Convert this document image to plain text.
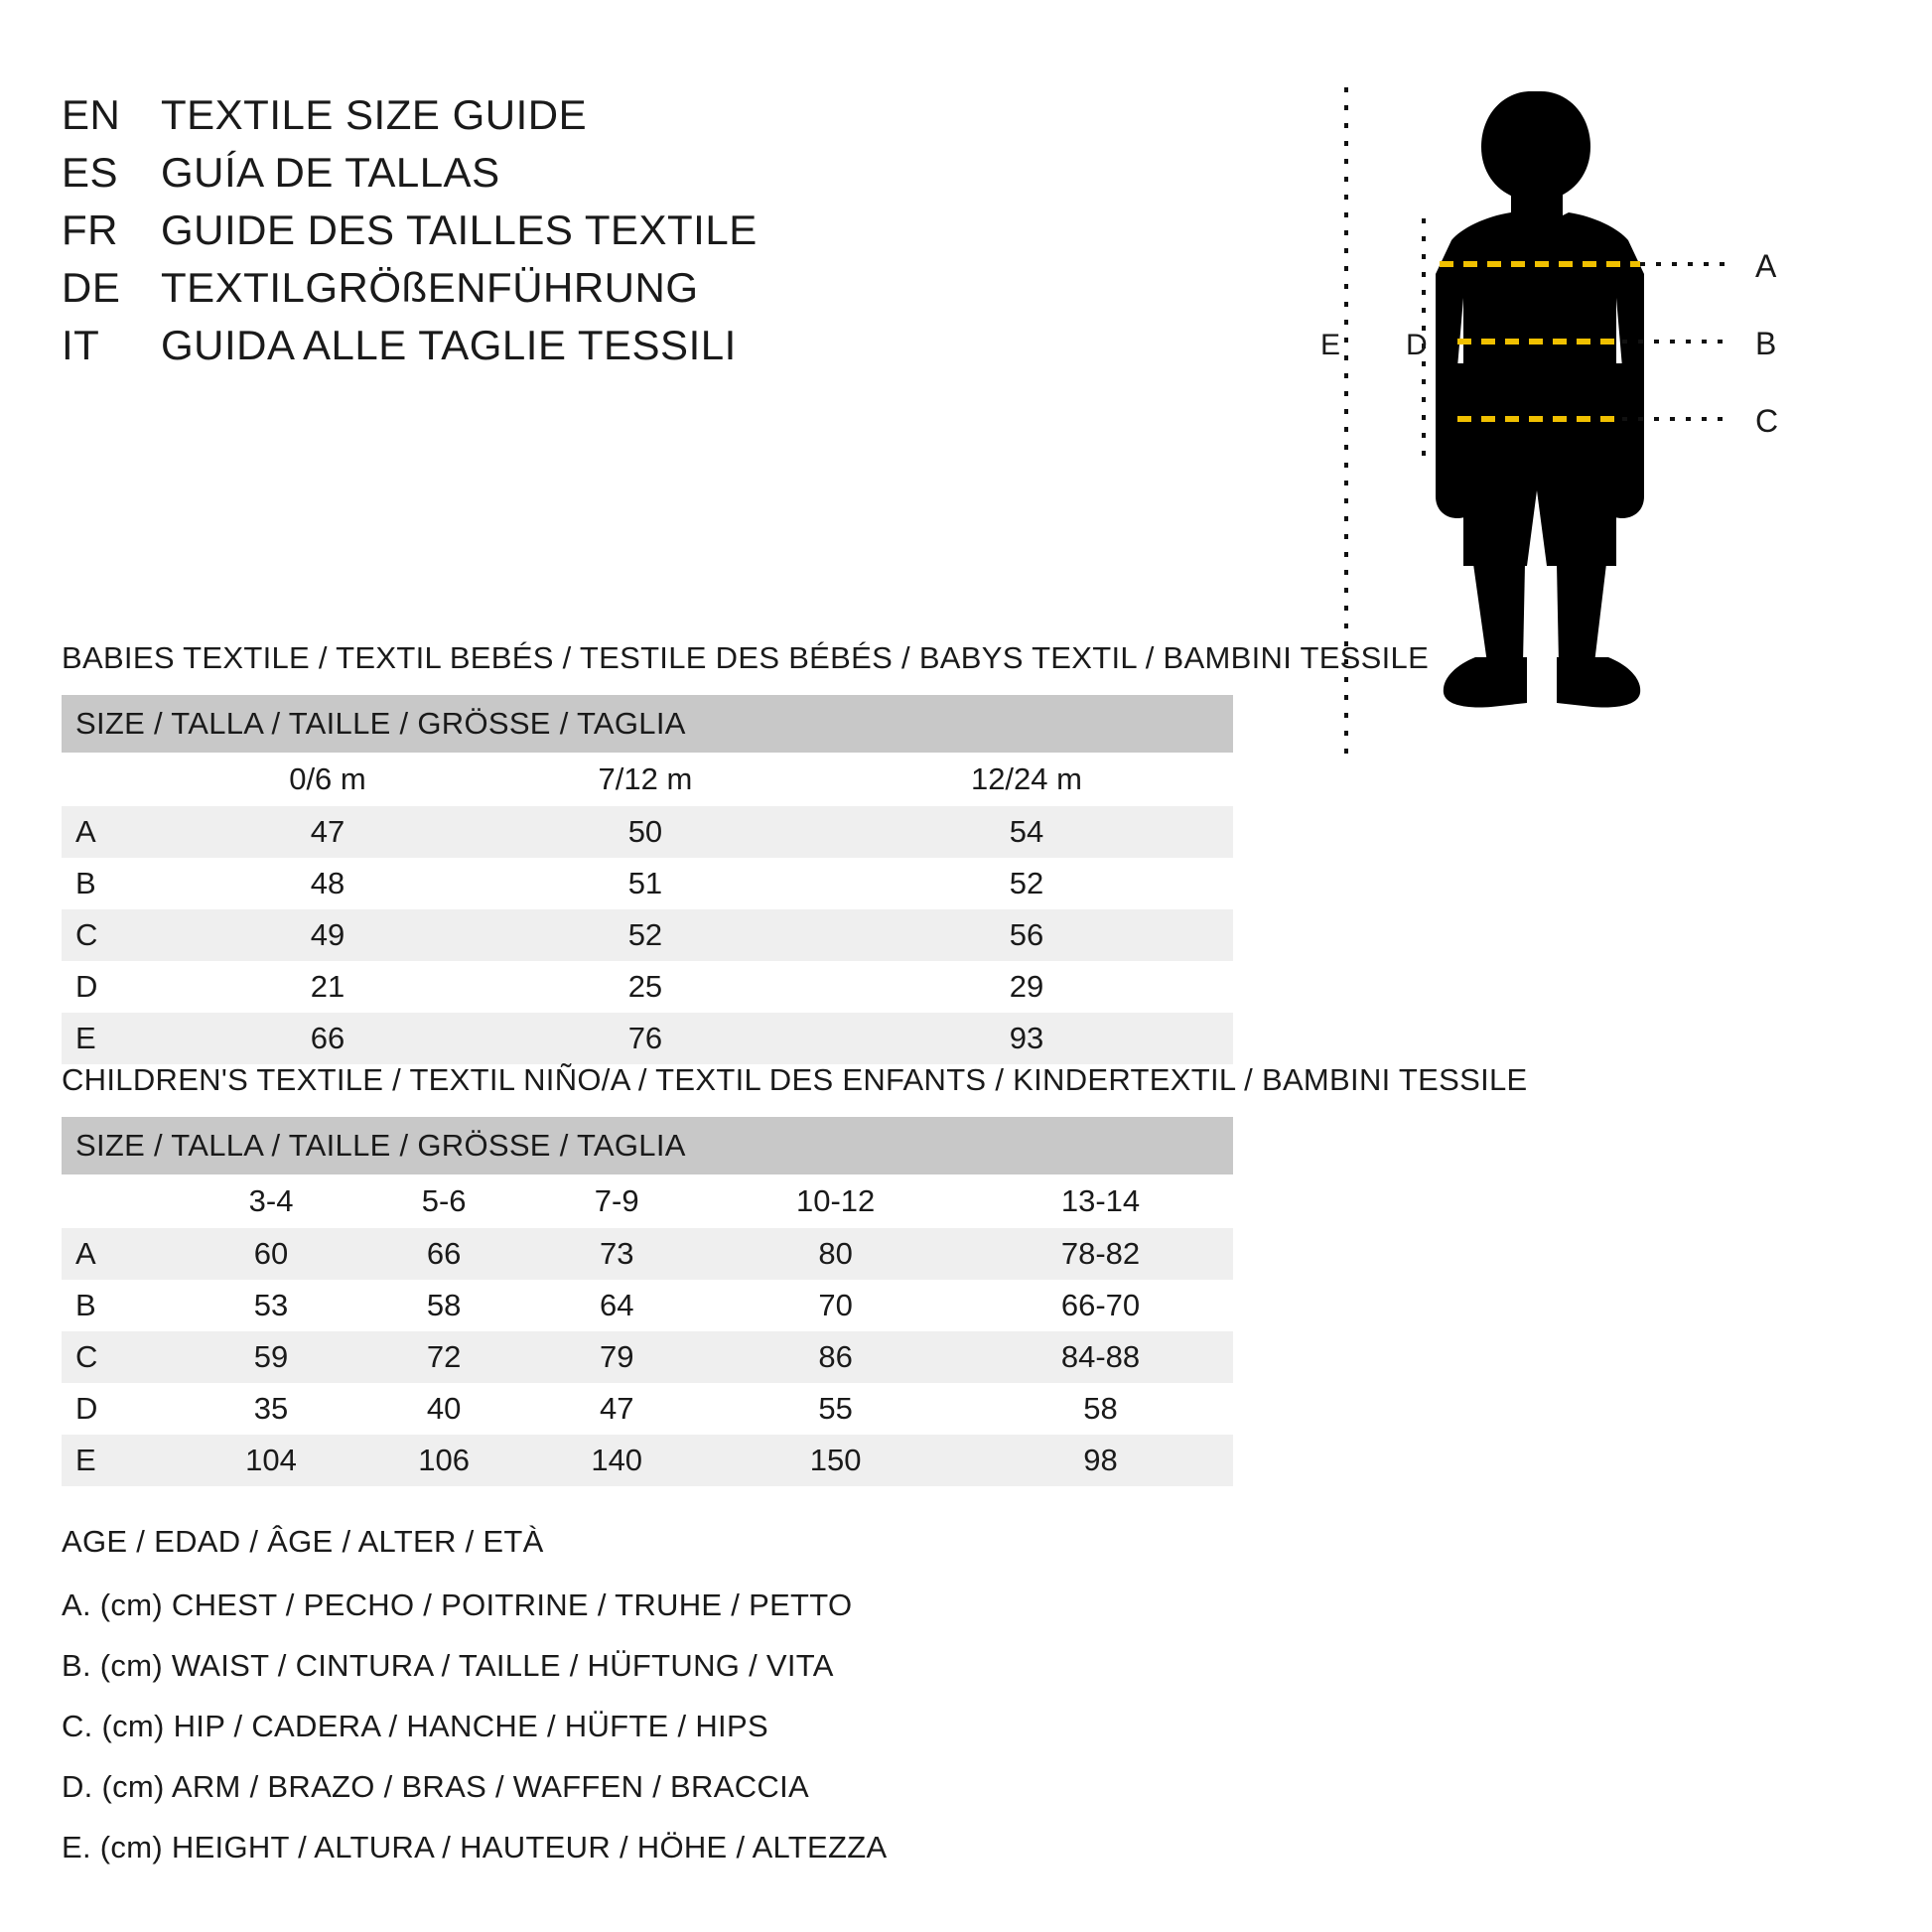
EN TEXTILE SIZE GUIDE
ES	GUÍA DE TALLAS
FR	GUIDE DES TAILLES TEXTILE
DE TEXTILGRÖßENFÜHRUNG
IT	GUIDA ALLE TAGLIE TESSILI
A
B
C
D
E
BABIES TEXTILE / TEXTIL BEBÉS / TESTILE DES BÉBÉS / BABYS TEXTIL / BAMBINI TESSILE
SIZE / TALLA / TAILLE / GRÖSSE / TAGLIA			
	0/6 m	7/12 m	12/24 m
A	47	50	54
B	48	51	52
C	49	52	56
D	21	25	29
E	66	76	93
CHILDREN'S TEXTILE / TEXTIL NIÑO/A / TEXTIL DES ENFANTS / KINDERTEXTIL / BAMBINI TESSILE
SIZE / TALLA / TAILLE / GRÖSSE / TAGLIA					
	3-4	5-6	7-9	10-12	13-14
A	60	66	73	80	78-82
B	53	58	64	70	66-70
C	59	72	79	86	84-88
D	35	40	47	55	58
E	104	106	140	150	98
AGE / EDAD / ÂGE / ALTER / ETÀ
A. (cm) CHEST / PECHO / POITRINE / TRUHE / PETTO
B. (cm) WAIST / CINTURA / TAILLE / HÜFTUNG / VITA
C. (cm) HIP / CADERA / HANCHE / HÜFTE / HIPS
D. (cm) ARM / BRAZO / BRAS / WAFFEN / BRACCIA
E. (cm) HEIGHT / ALTURA / HAUTEUR / HÖHE / ALTEZZA
